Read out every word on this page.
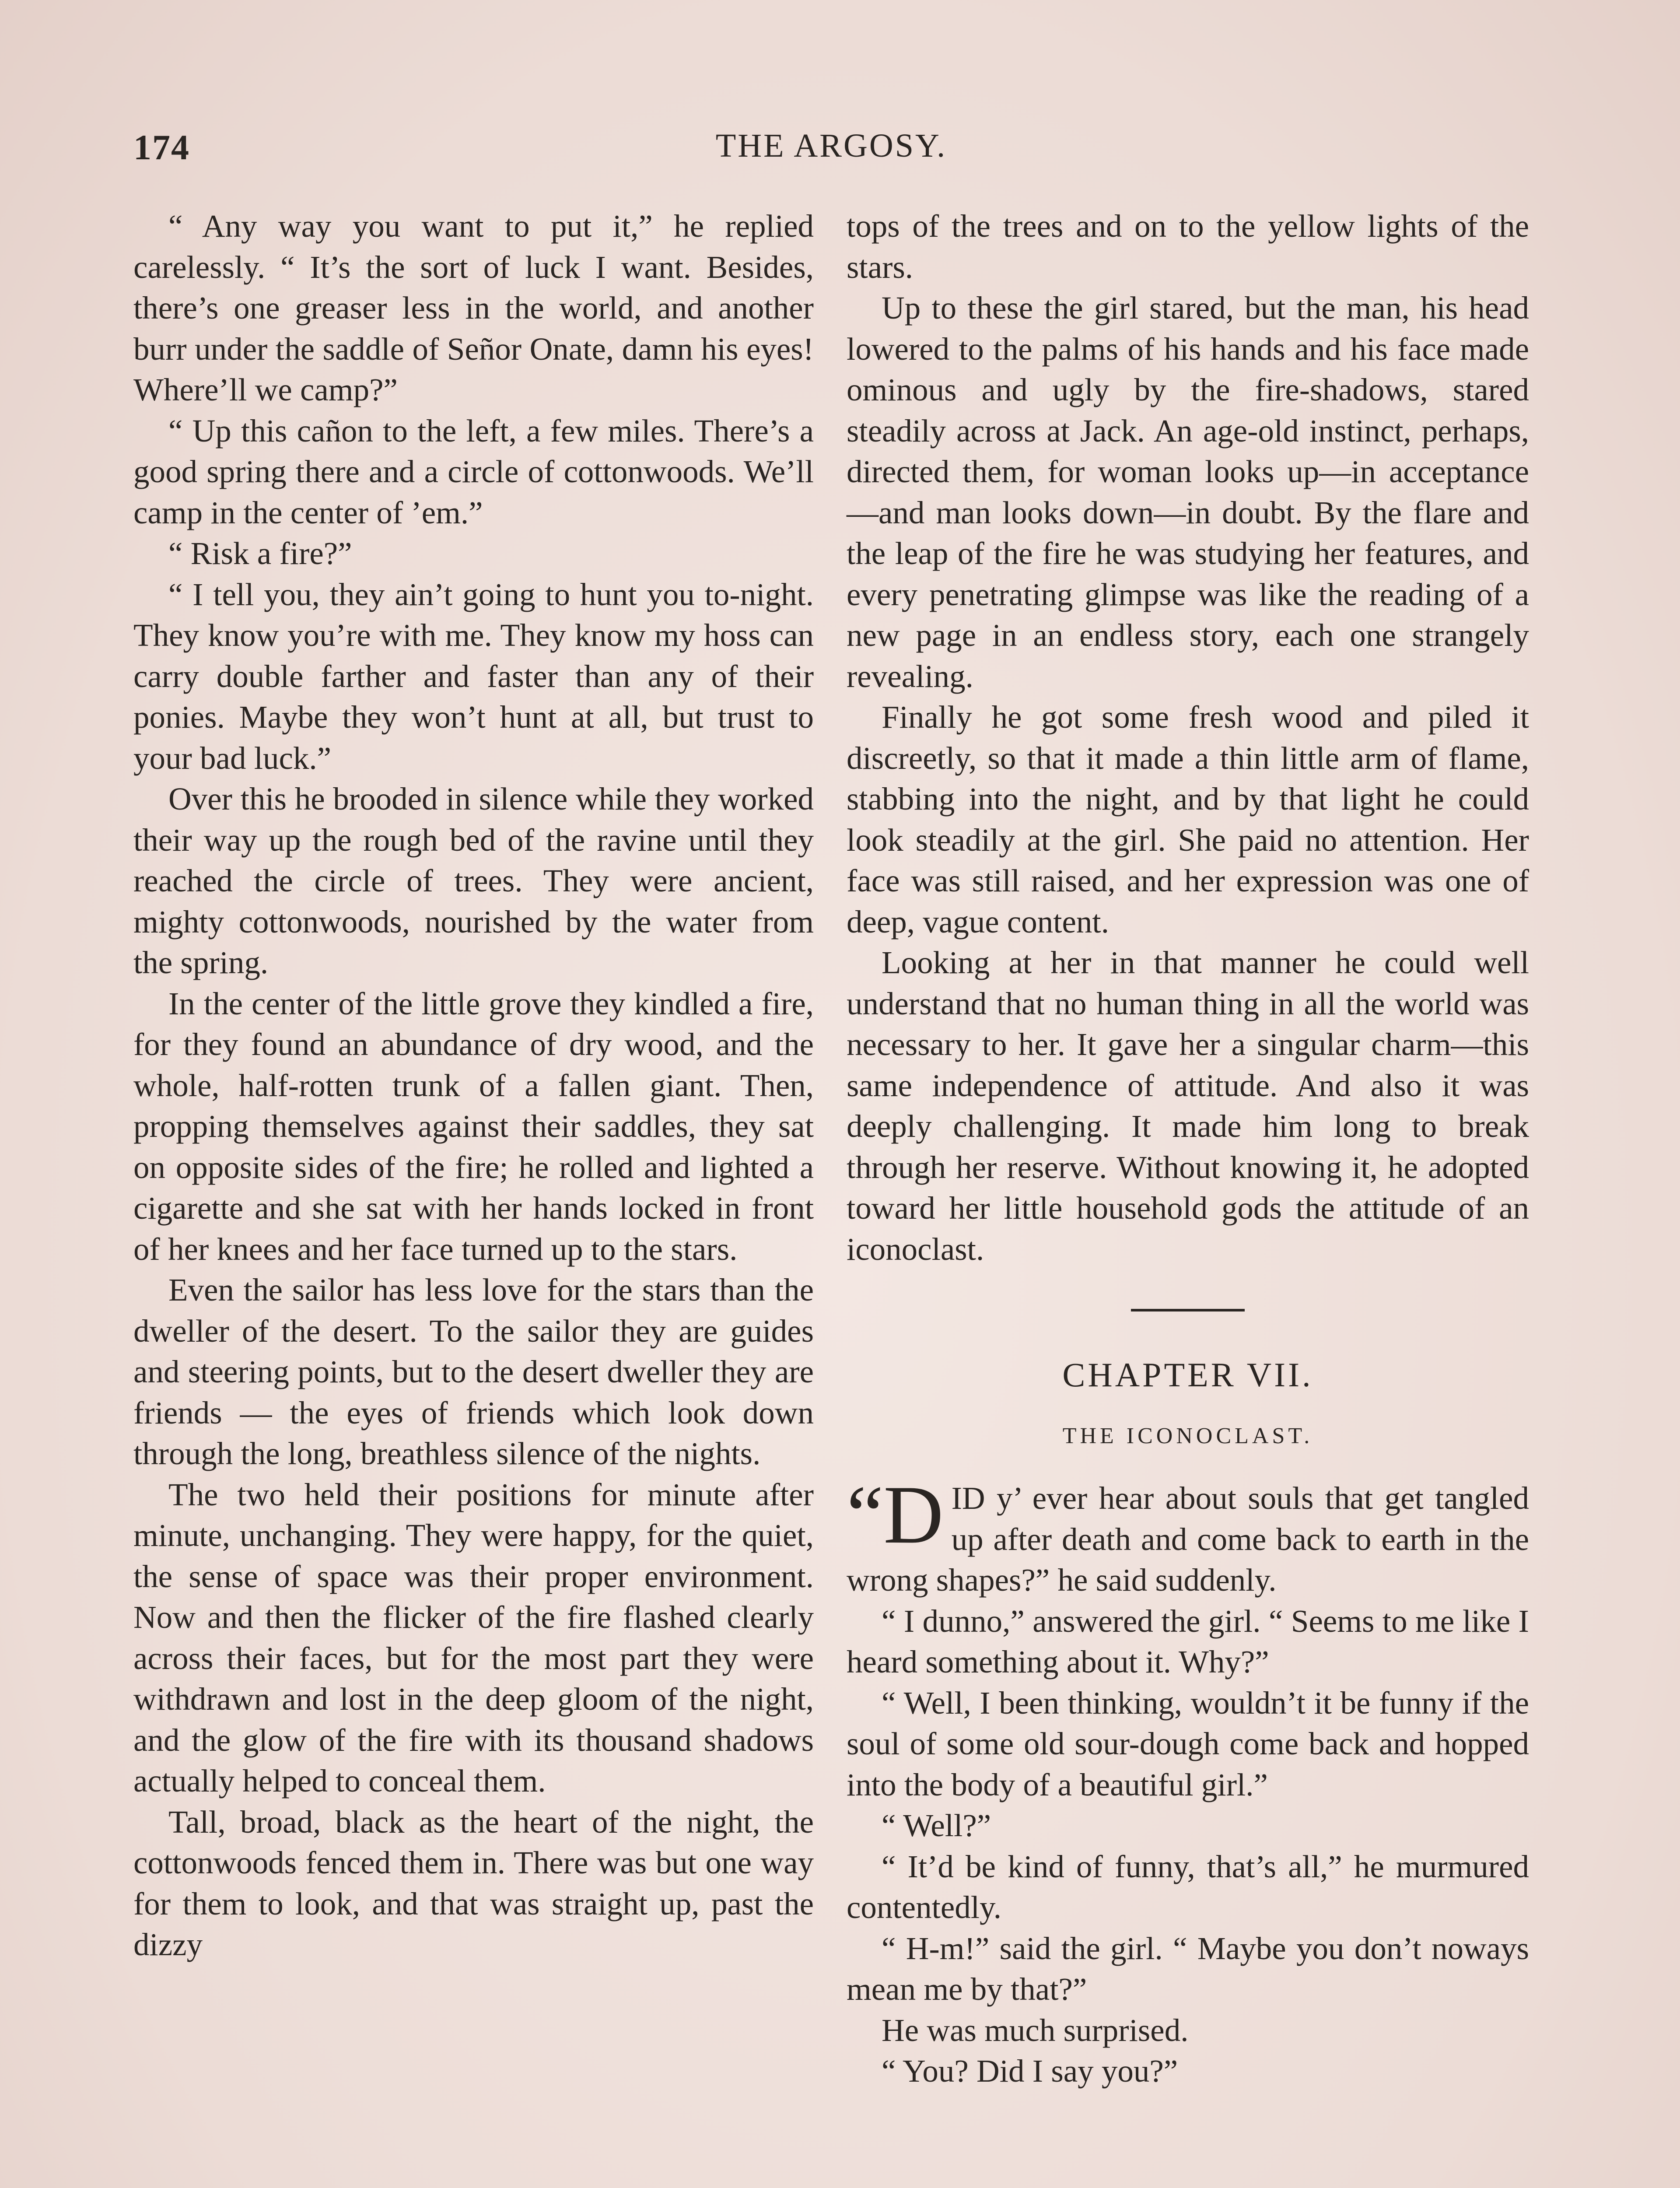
174	THE ARGOSY.

“ Any way you want to put it,” he replied carelessly. “ It’s the sort of luck I want. Besides, there’s one greaser less in the world, and another burr under the saddle of Señor Onate, damn his eyes! Where’ll we camp?”

“ Up this cañon to the left, a few miles. There’s a good spring there and a circle of cottonwoods. We’ll camp in the center of ’em.”

“ Risk a fire?”

“ I tell you, they ain’t going to hunt you to-night. They know you’re with me. They know my hoss can carry double farther and faster than any of their ponies. Maybe they won’t hunt at all, but trust to your bad luck.”

Over this he brooded in silence while they worked their way up the rough bed of the ravine until they reached the circle of trees. They were ancient, mighty cottonwoods, nourished by the water from the spring.

In the center of the little grove they kindled a fire, for they found an abundance of dry wood, and the whole, half-rotten trunk of a fallen giant. Then, propping themselves against their saddles, they sat on opposite sides of the fire; he rolled and lighted a cigarette and she sat with her hands locked in front of her knees and her face turned up to the stars.

Even the sailor has less love for the stars than the dweller of the desert. To the sailor they are guides and steering points, but to the desert dweller they are friends — the eyes of friends which look down through the long, breathless silence of the nights.

The two held their positions for minute after minute, unchanging. They were happy, for the quiet, the sense of space was their proper environment. Now and then the flicker of the fire flashed clearly across their faces, but for the most part they were withdrawn and lost in the deep gloom of the night, and the glow of the fire with its thousand shadows actually helped to conceal them.

Tall, broad, black as the heart of the night, the cottonwoods fenced them in. There was but one way for them to look, and that was straight up, past the dizzy

tops of the trees and on to the yellow lights of the stars.

Up to these the girl stared, but the man, his head lowered to the palms of his hands and his face made ominous and ugly by the fire-shadows, stared steadily across at Jack. An age-old instinct, perhaps, directed them, for woman looks up—in acceptance—and man looks down—in doubt. By the flare and the leap of the fire he was studying her features, and every penetrating glimpse was like the reading of a new page in an endless story, each one strangely revealing.

Finally he got some fresh wood and piled it discreetly, so that it made a thin little arm of flame, stabbing into the night, and by that light he could look steadily at the girl. She paid no attention. Her face was still raised, and her expression was one of deep, vague content.

Looking at her in that manner he could well understand that no human thing in all the world was necessary to her. It gave her a singular charm—this same independence of attitude. And also it was deeply challenging. It made him long to break through her reserve. Without knowing it, he adopted toward her little household gods the attitude of an iconoclast.

CHAPTER VII.
THE ICONOCLAST.

“D ID y’ ever hear about souls that get tangled up after death and come back to earth in the wrong shapes?” he said suddenly.

“ I dunno,” answered the girl. “ Seems to me like I heard something about it. Why?”

“ Well, I been thinking, wouldn’t it be funny if the soul of some old sour-dough come back and hopped into the body of a beautiful girl.”

“ Well?”

“ It’d be kind of funny, that’s all,” he murmured contentedly.

“ H-m!” said the girl. “ Maybe you don’t noways mean me by that?”

He was much surprised.

“ You? Did I say you?”
